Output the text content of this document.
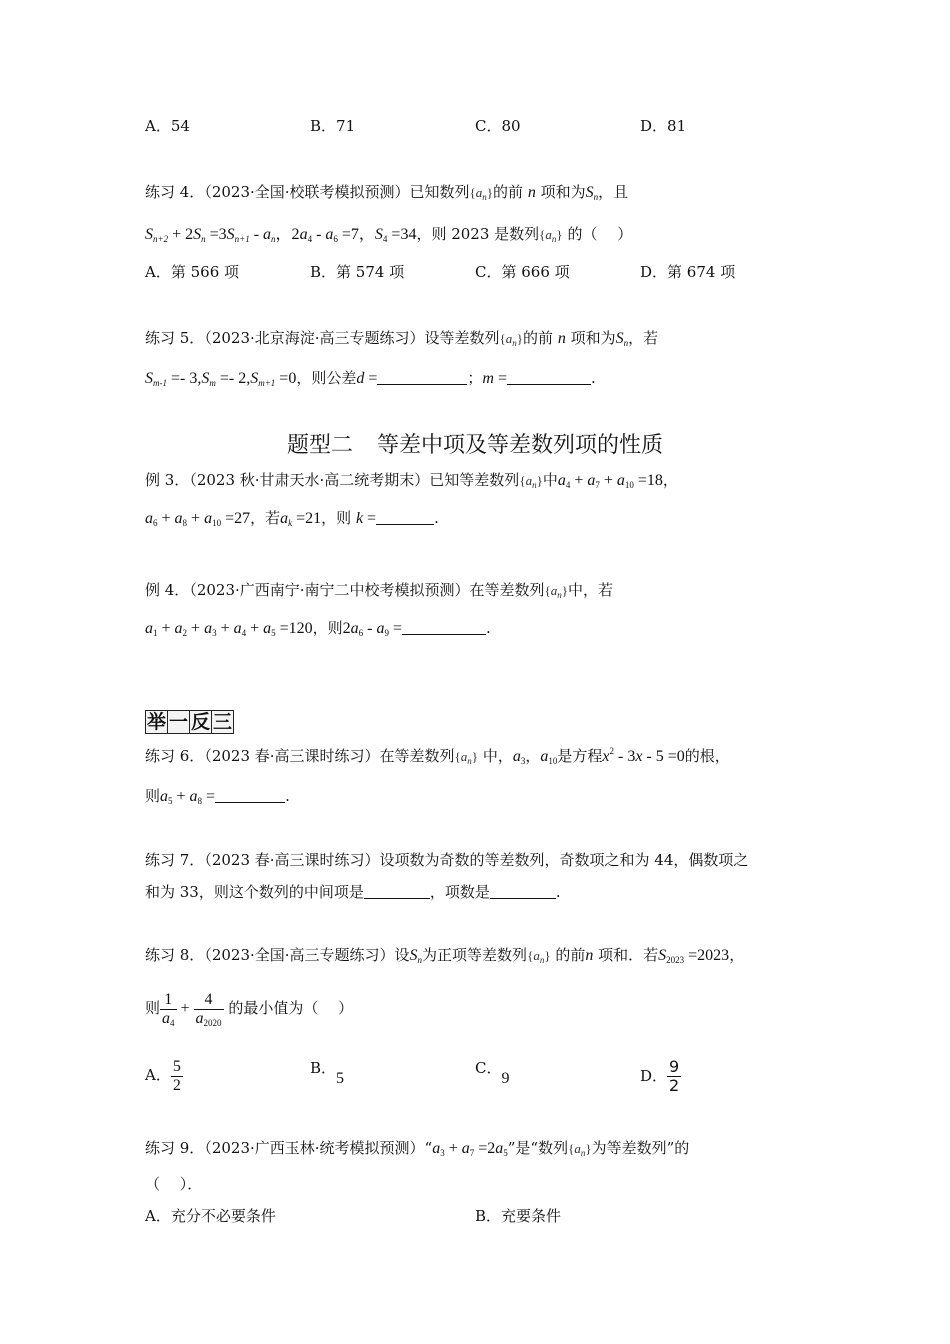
A．54	B．71	C．80	D．81
练习 4．（2023·全国·校联考模拟预测）已知数列$\{a_n\}$的前 n 项和为$S_n$，且
$S_{n+2} + 2S_n =3S_{n+1} - a_n$，$2a_4 - a_6 =7$，$S_4 =34$，则 2023 是数列$\{a_n\}$ 的（　 ）
A．第 566 项	B．第 574 项	C．第 666 项	D．第 674 项
练习 5．（2023·北京海淀·高三专题练习）设等差数列$\{a_n\}$的前 n 项和为$S_n$，若
$S_{m-1} =- 3,S_m =- 2,S_{m+1} =0$，则公差d =	；m =	.
题型二 等差中项及等差数列项的性质
例 3．（2023 秋·甘肃天水·高二统考期末）已知等差数列$\{a_n\}$中$a_4 + a_7 + a_{10} =18$，
$a_6 + a_8 + a_{10} =27$，若$a_k =21$，则 k =	.
例 4．（2023·广西南宁·南宁二中校考模拟预测）在等差数列$\{a_n\}$中，若
$a_1 + a_2 + a_3 + a_4 + a_5 =120$，则$2a_6 - a_9$ =	.
举 一 反 三
练习 6．（2023 春·高三课时练习）在等差数列$\{a_n\}$ 中，$a_3$，$a_{10}$是方程$x^2 - 3x - 5 =0$的根，
则$a_5 + a_8$ =	.
练习 7．（2023 春·高三课时练习）设项数为奇数的等差数列，奇数项之和为 44，偶数项之
和为 33，则这个数列的中间项是	，项数是	.
练习 8．（2023·全国·高三专题练习）设$S_n$为正项等差数列$\{a_n\}$ 的前n 项和．若$S_{2023} =2023$，
则 $\frac{1}{a_4} + \frac{4}{a_{2020}}$ 的最小值为（　 ）
A． $\frac{5}{2}$	B．5
C．9	D． $\frac{9}{2}$
练习 9．（2023·广西玉林·统考模拟预测）“$a_3 + a_7 =2a_5$”是“数列$\{a_n\}$为等差数列”的
（　 ）．
A．充分不必要条件	B．充要条件
